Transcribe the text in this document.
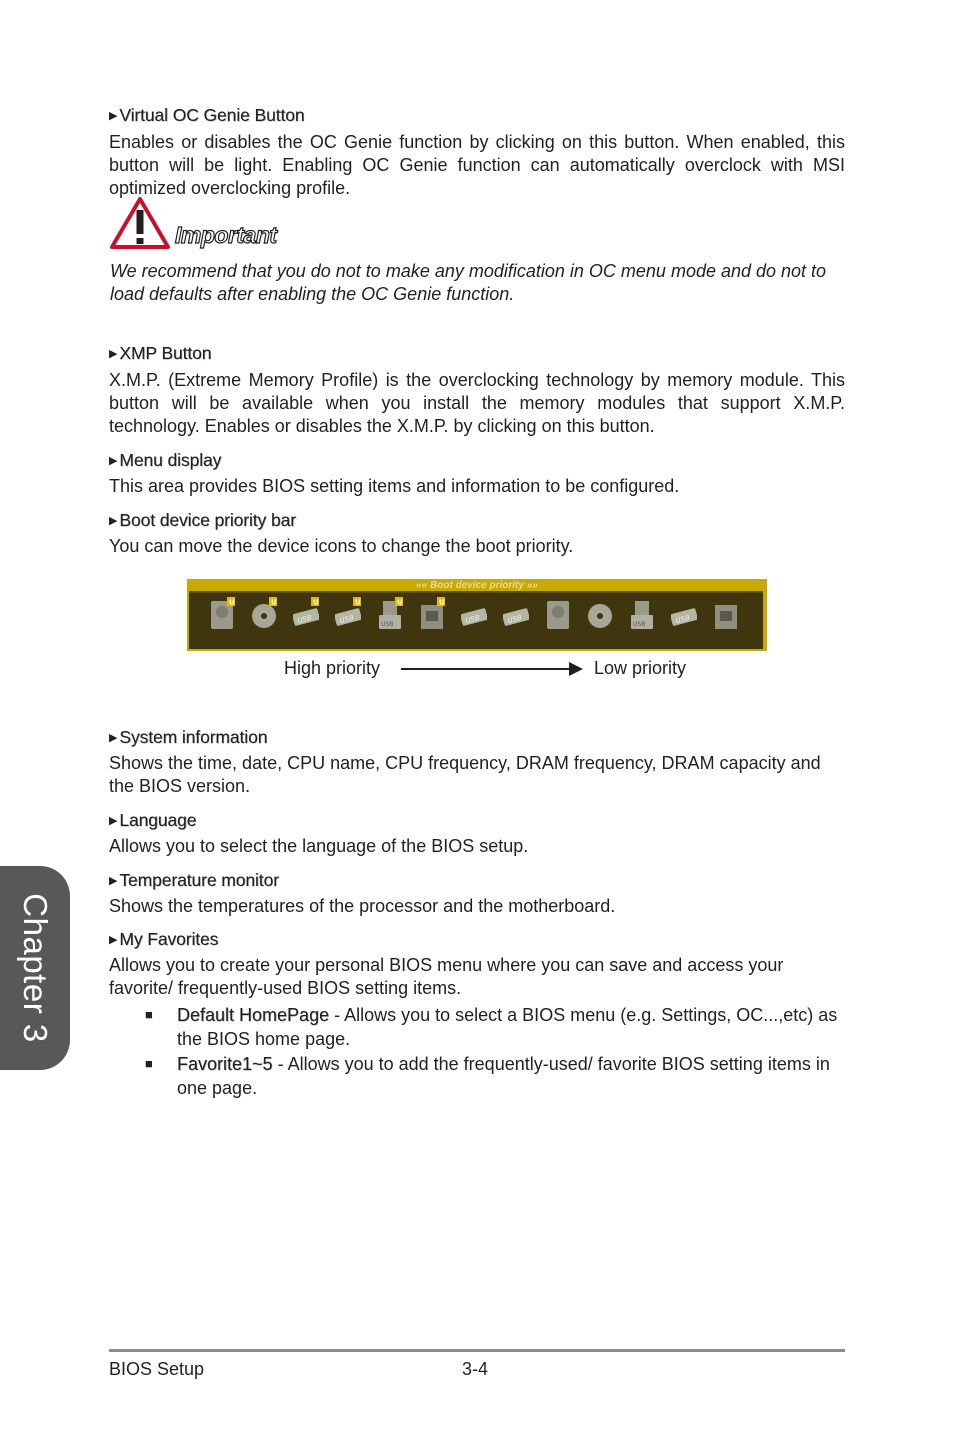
▶ Virtual OC Genie Button

Enables or disables the OC Genie function by clicking on this button. When enabled, this button will be light. Enabling OC Genie function can automatically overclock with MSI optimized overclocking profile.

Important

We recommend that you do not to make any modification in OC menu mode and do not to load defaults after enabling the OC Genie function.

▶ XMP Button

X.M.P. (Extreme Memory Profile) is the overclocking technology by memory module. This button will be available when you install the memory modules that support X.M.P. technology. Enables or disables the X.M.P. by clicking on this button.

▶ Menu display

This area provides BIOS setting items and information to be configured.

▶ Boot device priority bar

You can move the device icons to change the boot priority.

«« Boot device priority »»
U	U
USB
U
USB
U
USB
U	U
USB	USB	USB	USB
High priority	Low priority
▶ System information

Shows the time, date, CPU name, CPU frequency, DRAM frequency, DRAM capacity and the BIOS version.

▶ Language

Allows you to select the language of the BIOS setup.

▶ Temperature monitor

Shows the temperatures of the processor and the motherboard.

▶ My Favorites

Allows you to create your personal BIOS menu where you can save and access your favorite/ frequently-used BIOS setting items.

■ Default HomePage - Allows you to select a BIOS menu (e.g. Settings, OC...,etc) as the BIOS home page.
■ Favorite1~5 - Allows you to add the frequently-used/ favorite BIOS setting items in one page.
Chapter 3
BIOS Setup	3-4
